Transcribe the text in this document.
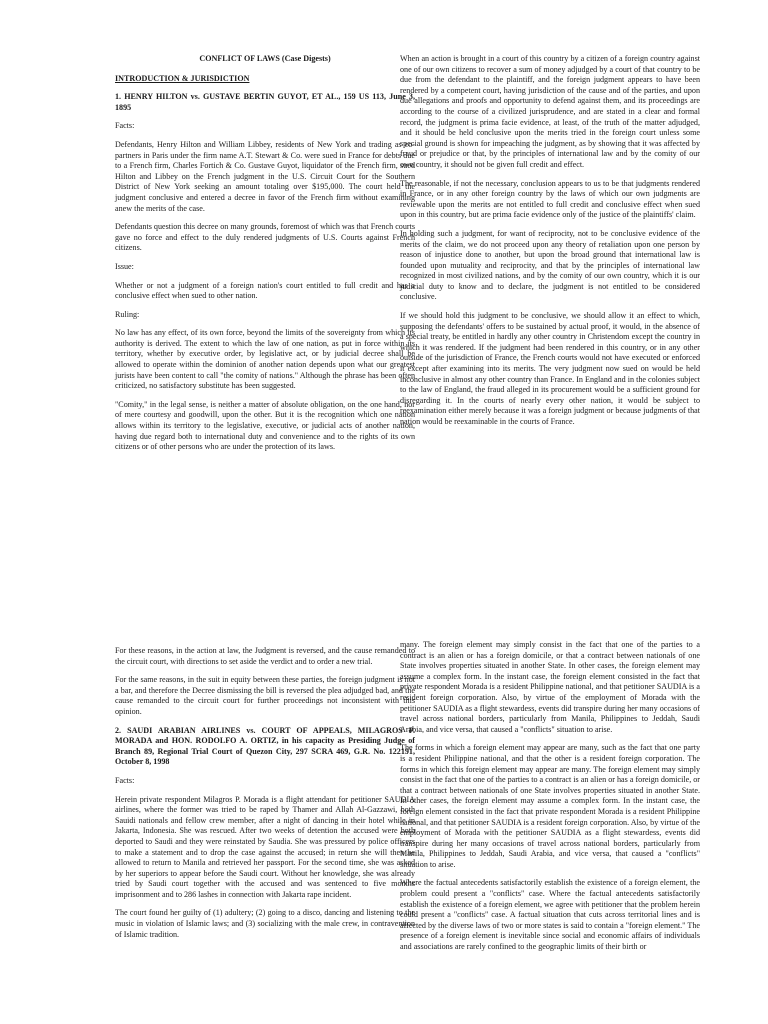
CONFLICT OF LAWS (Case Digests)

INTRODUCTION & JURISDICTION

1. HENRY HILTON vs. GUSTAVE BERTIN GUYOT, ET AL., 159 US 113, June 3, 1895

Facts:

Defendants, Henry Hilton and William Libbey, residents of New York and trading as co-partners in Paris under the firm name A.T. Stewart & Co. were sued in France for debts due to a French firm, Charles Fortich & Co. Gustave Guyot, liquidator of the French firm, sued Hilton and Libbey on the French judgment in the U.S. Circuit Court for the Southern District of New York seeking an amount totaling over $195,000. The court held the judgment conclusive and entered a decree in favor of the French firm without examining anew the merits of the case.

Defendants question this decree on many grounds, foremost of which was that French courts gave no force and effect to the duly rendered judgments of U.S. Courts against French citizens.

Issue:

Whether or not a judgment of a foreign nation's court entitled to full credit and has a conclusive effect when sued to other nation.

Ruling:

No law has any effect, of its own force, beyond the limits of the sovereignty from which its authority is derived. The extent to which the law of one nation, as put in force within its territory, whether by executive order, by legislative act, or by judicial decree shall be allowed to operate within the dominion of another nation depends upon what our greatest jurists have been content to call "the comity of nations." Although the phrase has been often criticized, no satisfactory substitute has been suggested.

"Comity," in the legal sense, is neither a matter of absolute obligation, on the one hand, nor of mere courtesy and goodwill, upon the other. But it is the recognition which one nation allows within its territory to the legislative, executive, or judicial acts of another nation, having due regard both to international duty and convenience and to the rights of its own citizens or of other persons who are under the protection of its laws.

When an action is brought in a court of this country by a citizen of a foreign country against one of our own citizens to recover a sum of money adjudged by a court of that country to be due from the defendant to the plaintiff, and the foreign judgment appears to have been rendered by a competent court, having jurisdiction of the cause and of the parties, and upon due allegations and proofs and opportunity to defend against them, and its proceedings are according to the course of a civilized jurisprudence, and are stated in a clear and formal record, the judgment is prima facie evidence, at least, of the truth of the matter adjudged, and it should be held conclusive upon the merits tried in the foreign court unless some special ground is shown for impeaching the judgment, as by showing that it was affected by fraud or prejudice or that, by the principles of international law and by the comity of our own country, it should not be given full credit and effect.

The reasonable, if not the necessary, conclusion appears to us to be that judgments rendered in France, or in any other foreign country by the laws of which our own judgments are reviewable upon the merits are not entitled to full credit and conclusive effect when sued upon in this country, but are prima facie evidence only of the justice of the plaintiffs' claim.

In holding such a judgment, for want of reciprocity, not to be conclusive evidence of the merits of the claim, we do not proceed upon any theory of retaliation upon one person by reason of injustice done to another, but upon the broad ground that international law is founded upon mutuality and reciprocity, and that by the principles of international law recognized in most civilized nations, and by the comity of our own country, which it is our judicial duty to know and to declare, the judgment is not entitled to be considered conclusive.

If we should hold this judgment to be conclusive, we should allow it an effect to which, supposing the defendants' offers to be sustained by actual proof, it would, in the absence of a special treaty, be entitled in hardly any other country in Christendom except the country in which it was rendered. If the judgment had been rendered in this country, or in any other outside of the jurisdiction of France, the French courts would not have executed or enforced it except after examining into its merits. The very judgment now sued on would be held inconclusive in almost any other country than France. In England and in the colonies subject to the law of England, the fraud alleged in its procurement would be a sufficient ground for disregarding it. In the courts of nearly every other nation, it would be subject to reexamination either merely because it was a foreign judgment or because judgments of that nation would be reexaminable in the courts of France.

For these reasons, in the action at law, the Judgment is reversed, and the cause remanded to the circuit court, with directions to set aside the verdict and to order a new trial.

For the same reasons, in the suit in equity between these parties, the foreign judgment is not a bar, and therefore the Decree dismissing the bill is reversed the plea adjudged bad, and the cause remanded to the circuit court for further proceedings not inconsistent with this opinion.

2. SAUDI ARABIAN AIRLINES vs. COURT OF APPEALS, MILAGROS P. MORADA and HON. RODOLFO A. ORTIZ, in his capacity as Presiding Judge of Branch 89, Regional Trial Court of Quezon City, 297 SCRA 469, G.R. No. 122191, October 8, 1998

Facts:

Herein private respondent Milagros P. Morada is a flight attendant for petitioner SAUDIA airlines, where the former was tried to be raped by Thamer and Allah Al-Gazzawi, both Sauidi nationals and fellow crew member, after a night of dancing in their hotel while in Jakarta, Indonesia. She was rescued. After two weeks of detention the accused were both deported to Saudi and they were reinstated by Saudia. She was pressured by police officers to make a statement and to drop the case against the accused; in return she will then be allowed to return to Manila and retrieved her passport. For the second time, she was asked by her superiors to appear before the Saudi court. Without her knowledge, she was already tried by Saudi court together with the accused and was sentenced to five months imprisonment and to 286 lashes in connection with Jakarta rape incident.

The court found her guilty of (1) adultery; (2) going to a disco, dancing and listening to the music in violation of Islamic laws; and (3) socializing with the male crew, in contravention of Islamic tradition.

many. The foreign element may simply consist in the fact that one of the parties to a contract is an alien or has a foreign domicile, or that a contract between nationals of one State involves properties situated in another State. In other cases, the foreign element may assume a complex form. In the instant case, the foreign element consisted in the fact that private respondent Morada is a resident Philippine national, and that petitioner SAUDIA is a resident foreign corporation. Also, by virtue of the employment of Morada with the petitioner SAUDIA as a flight stewardess, events did transpire during her many occasions of travel across national borders, particularly from Manila, Philippines to Jeddah, Saudi Arabia, and vice versa, that caused a "conflicts" situation to arise.

The forms in which a foreign element may appear are many, such as the fact that one party is a resident Philippine national, and that the other is a resident foreign corporation. The forms in which this foreign element may appear are many. The foreign element may simply consist in the fact that one of the parties to a contract is an alien or has a foreign domicile, or that a contract between nationals of one State involves properties situated in another State. In other cases, the foreign element may assume a complex form. In the instant case, the foreign element consisted in the fact that private respondent Morada is a resident Philippine national, and that petitioner SAUDIA is a resident foreign corporation. Also, by virtue of the employment of Morada with the petitioner SAUDIA as a flight stewardess, events did transpire during her many occasions of travel across national borders, particularly from Manila, Philippines to Jeddah, Saudi Arabia, and vice versa, that caused a "conflicts" situation to arise.

Where the factual antecedents satisfactorily establish the existence of a foreign element, the problem could present a "conflicts" case. Where the factual antecedents satisfactorily establish the existence of a foreign element, we agree with petitioner that the problem herein could present a "conflicts" case. A factual situation that cuts across territorial lines and is affected by the diverse laws of two or more states is said to contain a "foreign element." The presence of a foreign element is inevitable since social and economic affairs of individuals and associations are rarely confined to the geographic limits of their birth or
